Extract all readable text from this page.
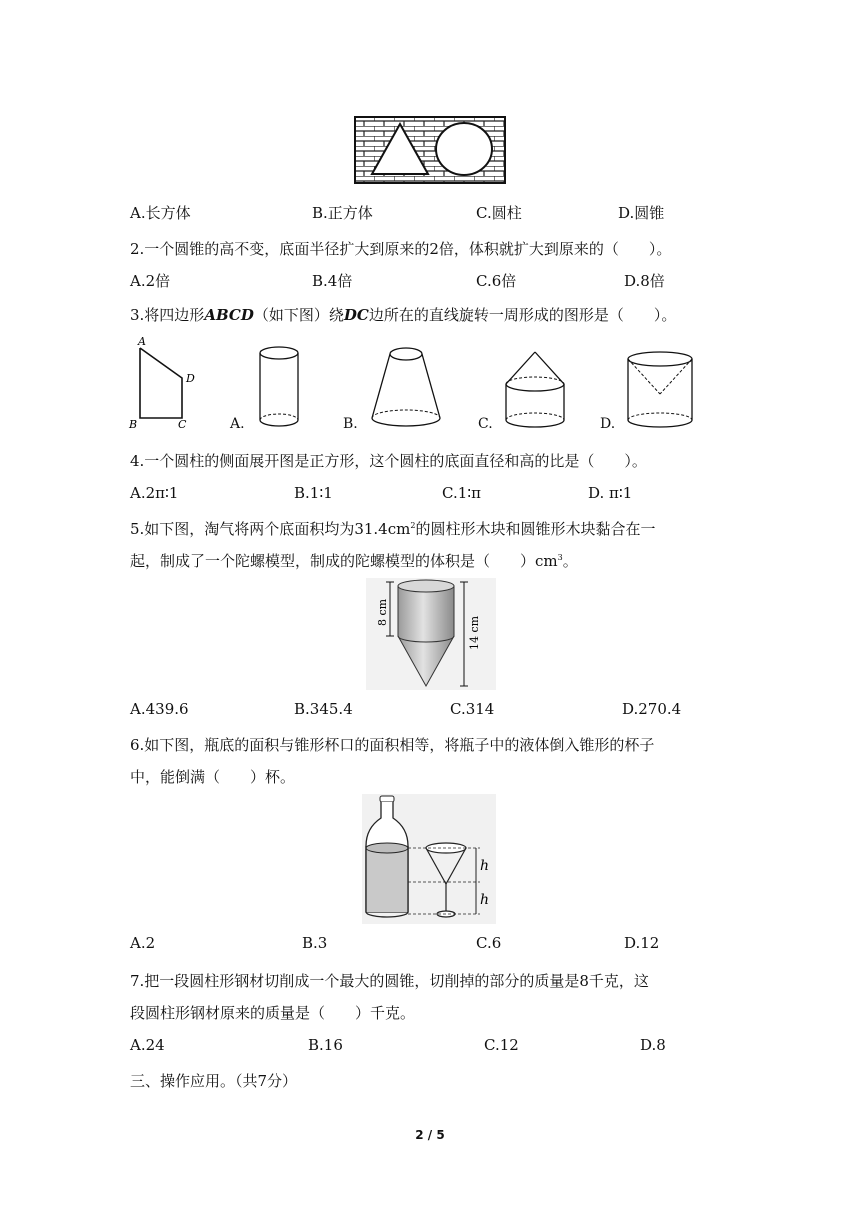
A.长方体	B.正方体	C.圆柱	D.圆锥
2.一个圆锥的高不变，底面半径扩大到原来的2倍，体积就扩大到原来的（　　）。
A.2倍	B.4倍	C.6倍	D.8倍
3.将四边形ABCD（如下图）绕DC边所在的直线旋转一周形成的图形是（　　）。
A
B	C
D
A.	B.	C.	D.
4.一个圆柱的侧面展开图是正方形，这个圆柱的底面直径和高的比是（　　）。
A.2π∶1	B.1∶1	C.1∶π	D. π∶1
5.如下图，淘气将两个底面积均为$31.4cm^2$的圆柱形木块和圆锥形木块黏合在一
起，制成了一个陀螺模型，制成的陀螺模型的体积是（　　）$cm^3$。
8 cm
14 cm
A.439.6	B.345.4	C.314	D.270.4
6.如下图，瓶底的面积与锥形杯口的面积相等，将瓶子中的液体倒入锥形的杯子
中，能倒满（　　）杯。
h
h
A.2	B.3	C.6	D.12
7.把一段圆柱形钢材切削成一个最大的圆锥，切削掉的部分的质量是8千克，这
段圆柱形钢材原来的质量是（　　）千克。
A.24	B.16	C.12	D.8
三、操作应用。（共7分）
2 / 5
